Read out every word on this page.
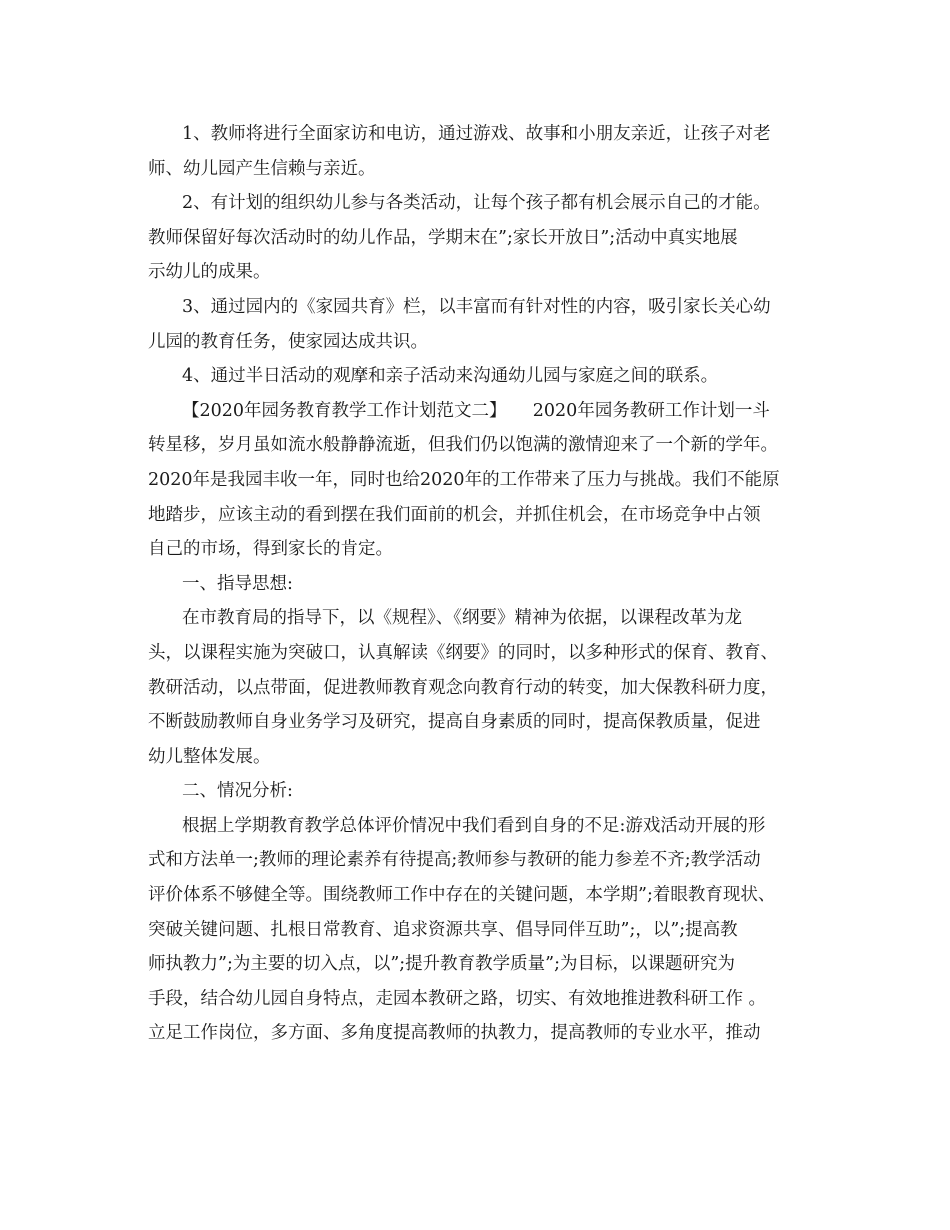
1、教师将进行全面家访和电访，通过游戏、故事和小朋友亲近，让孩子对老
师、幼儿园产生信赖与亲近。
2、有计划的组织幼儿参与各类活动，让每个孩子都有机会展示自己的才能。
教师保留好每次活动时的幼儿作品，学期末在”;家长开放日”;活动中真实地展
示幼儿的成果。
3、通过园内的《家园共育》栏，以丰富而有针对性的内容，吸引家长关心幼
儿园的教育任务，使家园达成共识。
4、通过半日活动的观摩和亲子活动来沟通幼儿园与家庭之间的联系。
【2020年园务教育教学工作计划范文二】　　2020年园务教研工作计划一斗
转星移，岁月虽如流水般静静流逝，但我们仍以饱满的激情迎来了一个新的学年。
2020年是我园丰收一年，同时也给2020年的工作带来了压力与挑战。我们不能原
地踏步，应该主动的看到摆在我们面前的机会，并抓住机会，在市场竞争中占领
自己的市场，得到家长的肯定。
一、指导思想:
在市教育局的指导下，以《规程》、《纲要》精神为依据，以课程改革为龙
头，以课程实施为突破口，认真解读《纲要》的同时，以多种形式的保育、教育、
教研活动，以点带面，促进教师教育观念向教育行动的转变，加大保教科研力度，
不断鼓励教师自身业务学习及研究，提高自身素质的同时，提高保教质量，促进
幼儿整体发展。
二、情况分析:
根据上学期教育教学总体评价情况中我们看到自身的不足:游戏活动开展的形
式和方法单一;教师的理论素养有待提高;教师参与教研的能力参差不齐;教学活动
评价体系不够健全等。围绕教师工作中存在的关键问题，本学期”;着眼教育现状、
突破关键问题、扎根日常教育、追求资源共享、倡导同伴互助”;，以”;提高教
师执教力”;为主要的切入点，以”;提升教育教学质量”;为目标，以课题研究为
手段，结合幼儿园自身特点，走园本教研之路，切实、有效地推进教科研工作 。
立足工作岗位，多方面、多角度提高教师的执教力，提高教师的专业水平，推动
